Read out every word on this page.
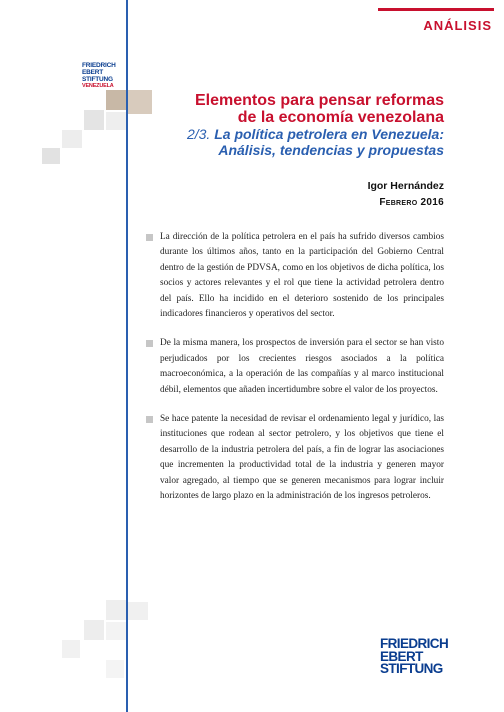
ANÁLISIS
FRIEDRICH
EBERT
STIFTUNG
VENEZUELA
Elementos para pensar reformas
de la economía venezolana
2/3. La política petrolera en Venezuela:
Análisis, tendencias y propuestas
Igor Hernández
Febrero 2016

La dirección de la política petrolera en el país ha sufrido diversos cambios durante los últimos años, tanto en la participación del Gobierno Central dentro de la gestión de PDVSA, como en los objetivos de dicha política, los socios y actores relevantes y el rol que tiene la actividad petrolera dentro del país. Ello ha incidido en el deterioro sostenido de los principales indicadores financieros y operativos del sector.

De la misma manera, los prospectos de inversión para el sector se han visto perjudicados por los crecientes riesgos asociados a la política macroeconómica, a la operación de las compañías y al marco institucional débil, elementos que añaden incertidumbre sobre el valor de los proyectos.

Se hace patente la necesidad de revisar el ordenamiento legal y jurídico, las instituciones que rodean al sector petrolero, y los objetivos que tiene el desarrollo de la industria petrolera del país, a fin de lograr las asociaciones que incrementen la productividad total de la industria y generen mayor valor agregado, al tiempo que se generen mecanismos para lograr incluir horizontes de largo plazo en la administración de los ingresos petroleros.

FRIEDRICH
EBERT
STIFTUNG
